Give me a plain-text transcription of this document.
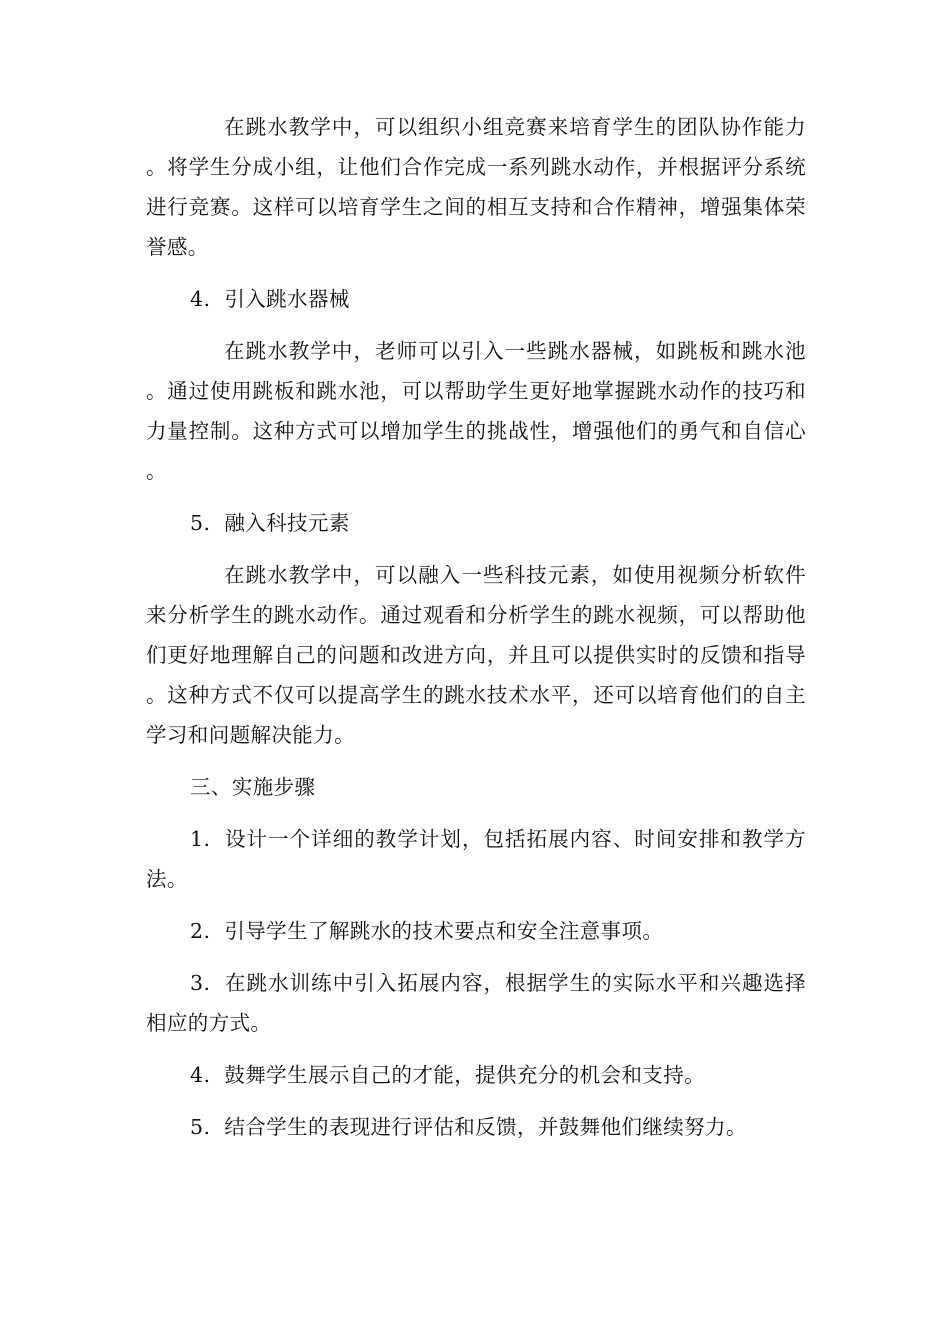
在跳水教学中，可以组织小组竞赛来培育学生的团队协作能力。将学生分成小组，让他们合作完成一系列跳水动作，并根据评分系统进行竞赛。这样可以培育学生之间的相互支持和合作精神，增强集体荣誉感。

4. 引入跳水器械

在跳水教学中，老师可以引入一些跳水器械，如跳板和跳水池。通过使用跳板和跳水池，可以帮助学生更好地掌握跳水动作的技巧和力量控制。这种方式可以增加学生的挑战性，增强他们的勇气和自信心。

5. 融入科技元素

在跳水教学中，可以融入一些科技元素，如使用视频分析软件来分析学生的跳水动作。通过观看和分析学生的跳水视频，可以帮助他们更好地理解自己的问题和改进方向，并且可以提供实时的反馈和指导。这种方式不仅可以提高学生的跳水技术水平，还可以培育他们的自主学习和问题解决能力。

三、实施步骤

1. 设计一个详细的教学计划，包括拓展内容、时间安排和教学方法。

2. 引导学生了解跳水的技术要点和安全注意事项。

3. 在跳水训练中引入拓展内容，根据学生的实际水平和兴趣选择相应的方式。

4. 鼓舞学生展示自己的才能，提供充分的机会和支持。

5. 结合学生的表现进行评估和反馈，并鼓舞他们继续努力。
